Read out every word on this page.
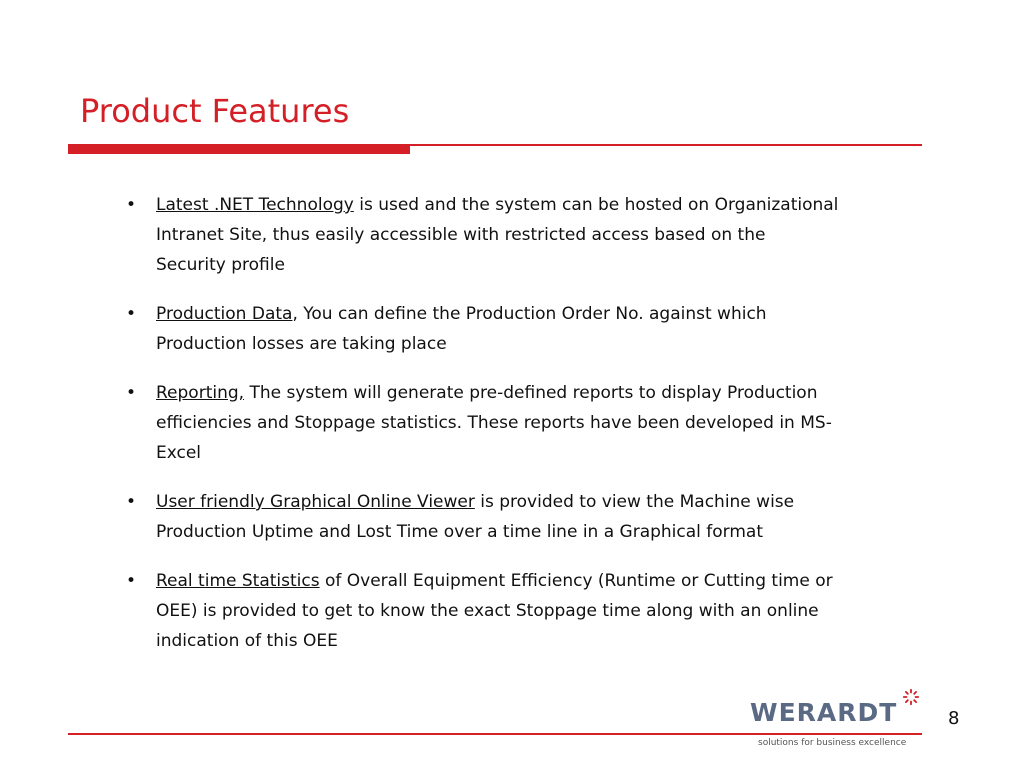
Product Features
• Latest .NET Technology is used and the system can be hosted on Organizational Intranet Site, thus easily accessible with restricted access based on the Security profile
• Production Data, You can define the Production Order No. against which Production losses are taking place
• Reporting, The system will generate pre-defined reports to display Production efficiencies and Stoppage statistics. These reports have been developed in MS-Excel
• User friendly Graphical Online Viewer is provided to view the Machine wise Production Uptime and Lost Time over a time line in a Graphical format
• Real time Statistics of Overall Equipment Efficiency (Runtime or Cutting time or OEE) is provided to get to know the exact Stoppage time along with an online indication of this OEE
WERARDT	8
solutions for business excellence
